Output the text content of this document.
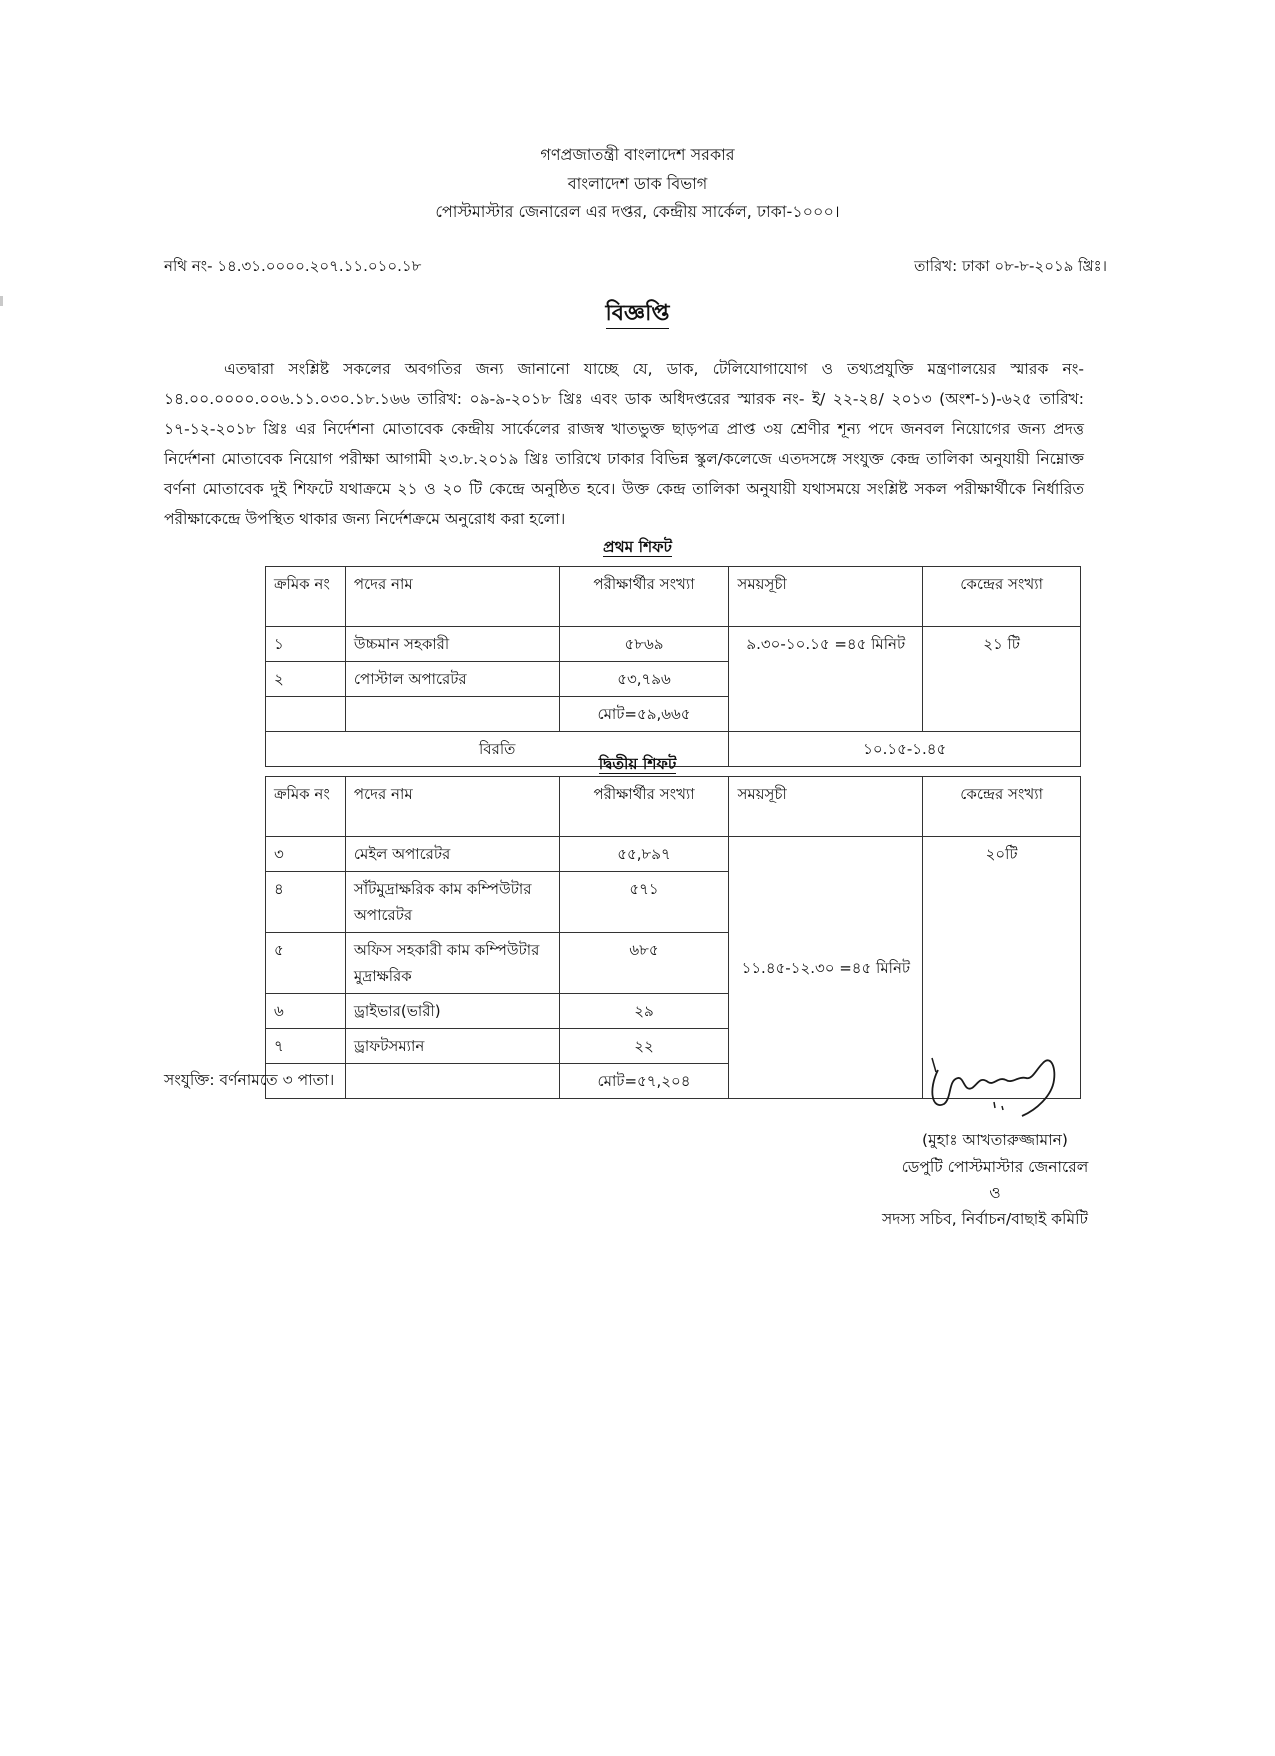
গণপ্রজাতন্ত্রী বাংলাদেশ সরকার
বাংলাদেশ ডাক বিভাগ
পোস্টমাস্টার জেনারেল এর দপ্তর, কেন্দ্রীয় সার্কেল, ঢাকা-১০০০।
নথি নং- ১৪.৩১.০০০০.২০৭.১১.০১০.১৮	তারিখ: ঢাকা ০৮-৮-২০১৯ খ্রিঃ।
বিজ্ঞপ্তি
এতদ্বারা সংশ্লিষ্ট সকলের অবগতির জন্য জানানো যাচ্ছে যে, ডাক, টেলিযোগাযোগ ও তথ্যপ্রযুক্তি মন্ত্রণালয়ের স্মারক নং- ১৪.০০.০০০০.০০৬.১১.০৩০.১৮.১৬৬ তারিখ: ০৯-৯-২০১৮ খ্রিঃ এবং ডাক অধিদপ্তরের স্মারক নং- ই/ ২২-২৪/ ২০১৩ (অংশ-১)-৬২৫ তারিখ: ১৭-১২-২০১৮ খ্রিঃ এর নির্দেশনা মোতাবেক কেন্দ্রীয় সার্কেলের রাজস্ব খাতভুক্ত ছাড়পত্র প্রাপ্ত ৩য় শ্রেণীর শূন্য পদে জনবল নিয়োগের জন্য প্রদত্ত নির্দেশনা মোতাবেক নিয়োগ পরীক্ষা আগামী ২৩.৮.২০১৯ খ্রিঃ তারিখে ঢাকার বিভিন্ন স্কুল/কলেজে এতদসঙ্গে সংযুক্ত কেন্দ্র তালিকা অনুযায়ী নিম্নোক্ত বর্ণনা মোতাবেক দুই শিফটে যথাক্রমে ২১ ও ২০ টি কেন্দ্রে অনুষ্ঠিত হবে। উক্ত কেন্দ্র তালিকা অনুযায়ী যথাসময়ে সংশ্লিষ্ট সকল পরীক্ষার্থীকে নির্ধারিত পরীক্ষাকেন্দ্রে উপস্থিত থাকার জন্য নির্দেশক্রমে অনুরোধ করা হলো।
প্রথম শিফট
ক্রমিক নং	পদের নাম	পরীক্ষার্থীর সংখ্যা	সময়সূচী	কেন্দ্রের সংখ্যা
১	উচ্চমান সহকারী	৫৮৬৯	৯.৩০-১০.১৫ =৪৫ মিনিট	২১ টি
২	পোস্টাল অপারেটর	৫৩,৭৯৬		
		মোট=৫৯,৬৬৫		
বিরতি			১০.১৫-১.৪৫	
দ্বিতীয় শিফট
ক্রমিক নং	পদের নাম	পরীক্ষার্থীর সংখ্যা	সময়সূচী	কেন্দ্রের সংখ্যা
৩	মেইল অপারেটর	৫৫,৮৯৭	১১.৪৫-১২.৩০ =৪৫ মিনিট	২০টি
৪	সাঁটমুদ্রাক্ষরিক কাম কম্পিউটার অপারেটর	৫৭১		
৫	অফিস সহকারী কাম কম্পিউটার মুদ্রাক্ষরিক	৬৮৫		
৬	ড্রাইভার(ভারী)	২৯		
৭	ড্রাফটসম্যান	২২		
		মোট=৫৭,২০৪		
সংযুক্তি: বর্ণনামতে ৩ পাতা।
(মুহাঃ আখতারুজ্জামান)
ডেপুটি পোস্টমাস্টার জেনারেল
ও
সদস্য সচিব, নির্বাচন/বাছাই কমিটি
